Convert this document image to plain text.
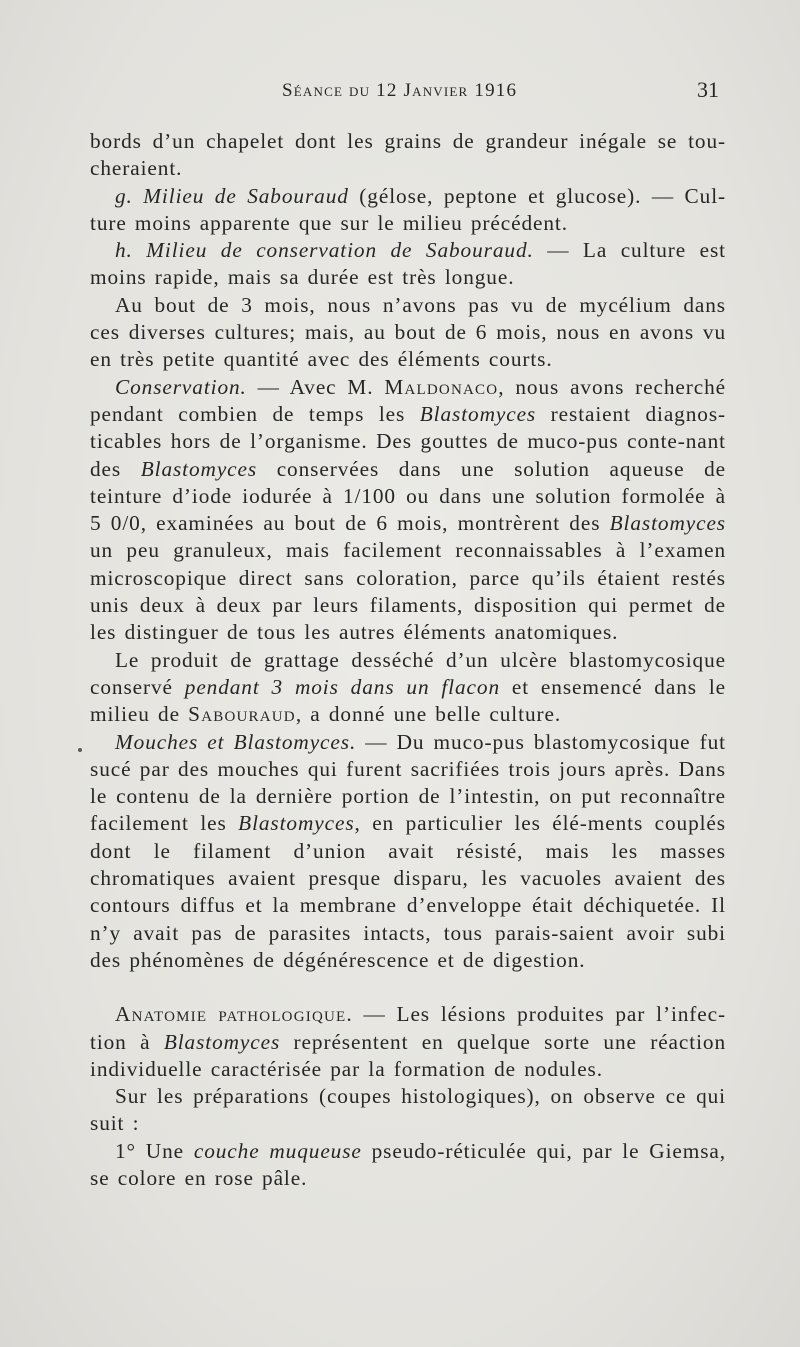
Séance du 12 Janvier 1916	31

bords d’un chapelet dont les grains de grandeur inégale se tou-cheraient.

g. Milieu de Sabouraud (gélose, peptone et glucose). — Cul-ture moins apparente que sur le milieu précédent.

h. Milieu de conservation de Sabouraud. — La culture est moins rapide, mais sa durée est très longue.

Au bout de 3 mois, nous n’avons pas vu de mycélium dans ces diverses cultures; mais, au bout de 6 mois, nous en avons vu en très petite quantité avec des éléments courts.

Conservation. — Avec M. Maldonaco, nous avons recherché pendant combien de temps les Blastomyces restaient diagnos-ticables hors de l’organisme. Des gouttes de muco-pus conte-nant des Blastomyces conservées dans une solution aqueuse de teinture d’iode iodurée à 1/100 ou dans une solution formolée à 5 0/0, examinées au bout de 6 mois, montrèrent des Blastomyces un peu granuleux, mais facilement reconnaissables à l’examen microscopique direct sans coloration, parce qu’ils étaient restés unis deux à deux par leurs filaments, disposition qui permet de les distinguer de tous les autres éléments anatomiques.

Le produit de grattage desséché d’un ulcère blastomycosique conservé pendant 3 mois dans un flacon et ensemencé dans le milieu de Sabouraud, a donné une belle culture.

Mouches et Blastomyces. — Du muco-pus blastomycosique fut sucé par des mouches qui furent sacrifiées trois jours après. Dans le contenu de la dernière portion de l’intestin, on put reconnaître facilement les Blastomyces, en particulier les élé-ments couplés dont le filament d’union avait résisté, mais les masses chromatiques avaient presque disparu, les vacuoles avaient des contours diffus et la membrane d’enveloppe était déchiquetée. Il n’y avait pas de parasites intacts, tous parais-saient avoir subi des phénomènes de dégénérescence et de digestion.

Anatomie pathologique. — Les lésions produites par l’infec-tion à Blastomyces représentent en quelque sorte une réaction individuelle caractérisée par la formation de nodules.

Sur les préparations (coupes histologiques), on observe ce qui suit :

1° Une couche muqueuse pseudo-réticulée qui, par le Giemsa, se colore en rose pâle.
